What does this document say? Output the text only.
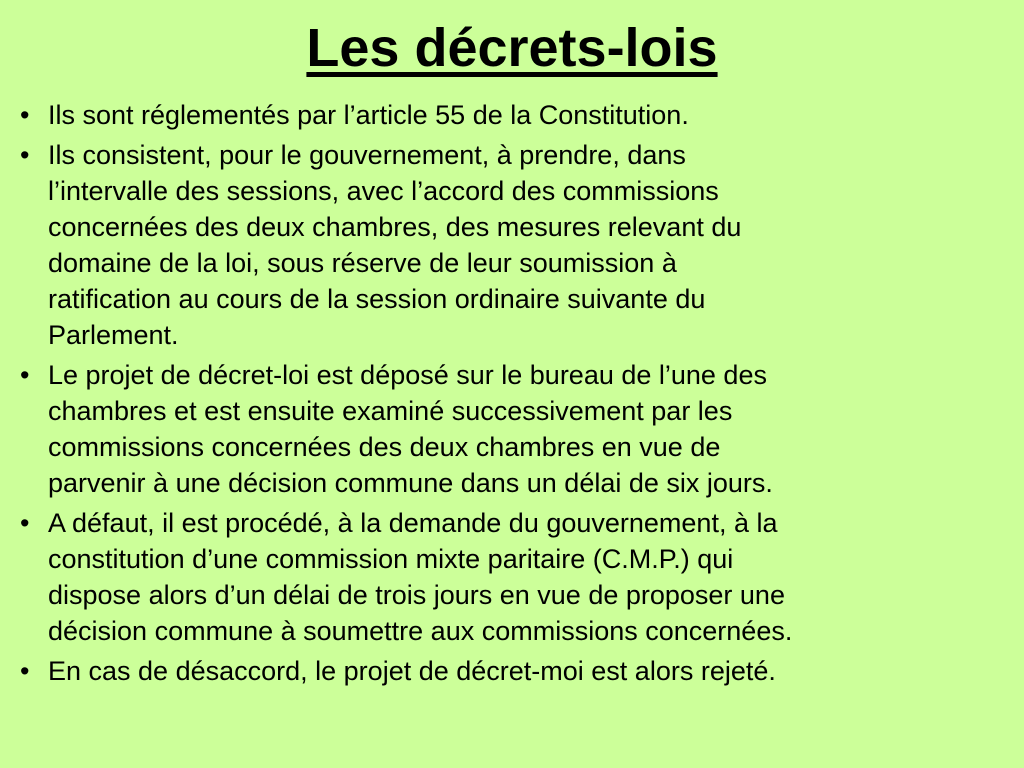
Les décrets-lois
• Ils sont réglementés par l’article 55 de la Constitution.
• Ils consistent, pour le gouvernement, à prendre, dans
l’intervalle des sessions, avec l’accord des commissions
concernées des deux chambres, des mesures relevant du
domaine de la loi, sous réserve de leur soumission à
ratification au cours de la session ordinaire suivante du
Parlement.
• Le projet de décret-loi est déposé sur le bureau de l’une des
chambres et est ensuite examiné successivement par les
commissions concernées des deux chambres en vue de
parvenir à une décision commune dans un délai de six jours.
• A défaut, il est procédé, à la demande du gouvernement, à la
constitution d’une commission mixte paritaire (C.M.P.) qui
dispose alors d’un délai de trois jours en vue de proposer une
décision commune à soumettre aux commissions concernées.
• En cas de désaccord, le projet de décret-moi est alors rejeté.
